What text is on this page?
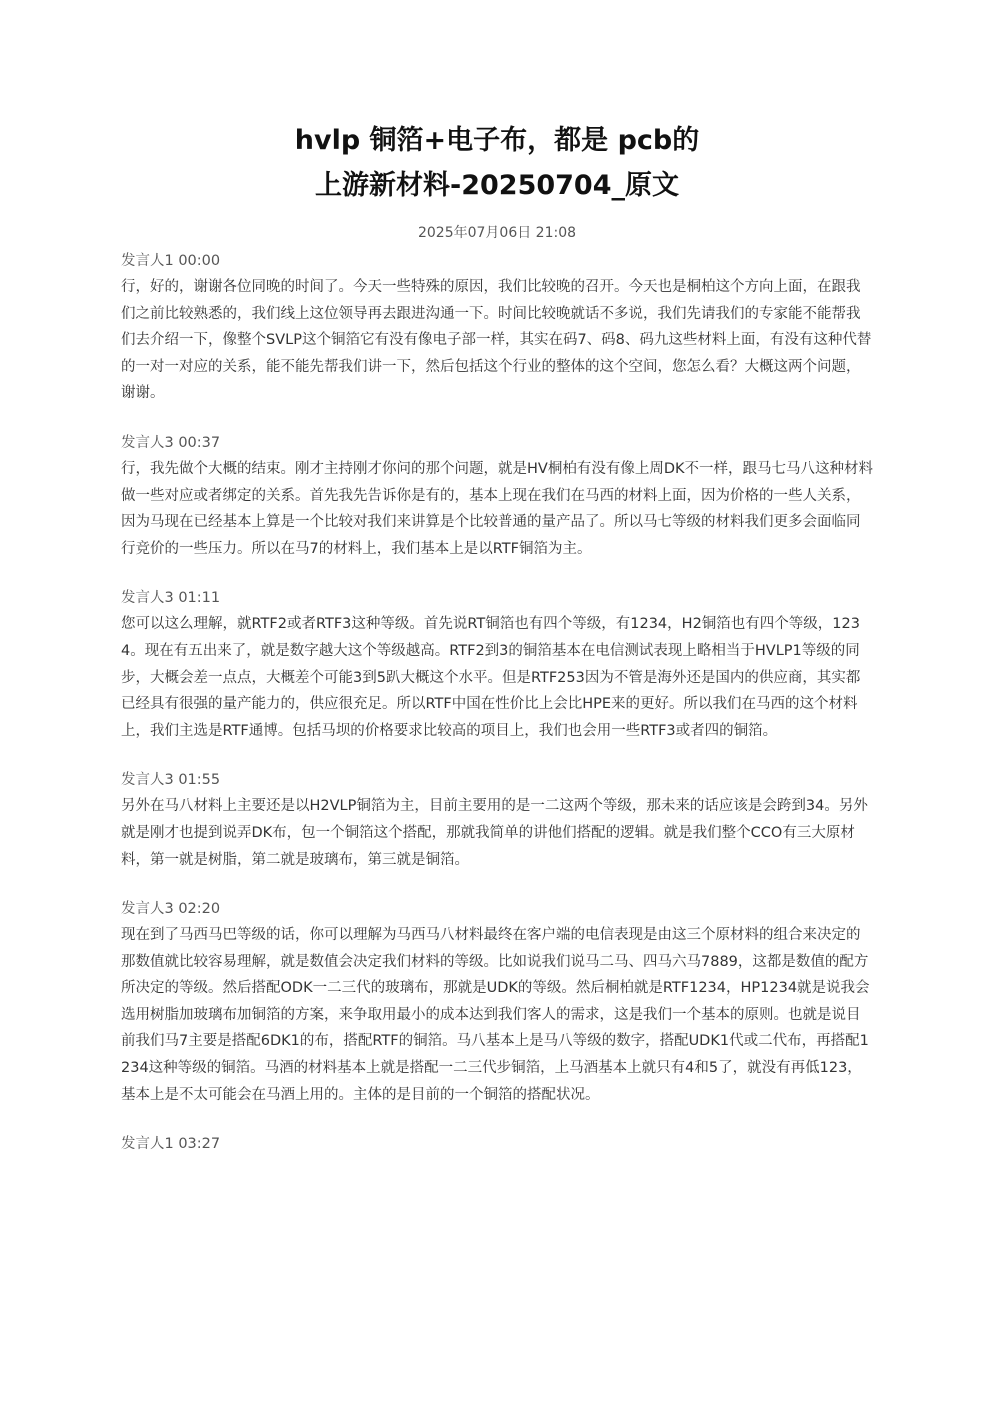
hvlp 铜箔+电子布，都是 pcb的
上游新材料-20250704_原文
2025年07月06日 21:08
发言人1 00:00

行，好的，谢谢各位同晚的时间了。今天一些特殊的原因，我们比较晚的召开。今天也是桐柏这个方向上面，在跟我们之前比较熟悉的，我们线上这位领导再去跟进沟通一下。时间比较晚就话不多说，我们先请我们的专家能不能帮我们去介绍一下，像整个SVLP这个铜箔它有没有像电子部一样，其实在码7、码8、码九这些材料上面，有没有这种代替的一对一对应的关系，能不能先帮我们讲一下，然后包括这个行业的整体的这个空间，您怎么看？大概这两个问题，谢谢。

发言人3 00:37

行，我先做个大概的结束。刚才主持刚才你问的那个问题，就是HV桐柏有没有像上周DK不一样，跟马七马八这种材料做一些对应或者绑定的关系。首先我先告诉你是有的，基本上现在我们在马西的材料上面，因为价格的一些人关系，因为马现在已经基本上算是一个比较对我们来讲算是个比较普通的量产品了。所以马七等级的材料我们更多会面临同行竞价的一些压力。所以在马7的材料上，我们基本上是以RTF铜箔为主。

发言人3 01:11

您可以这么理解，就RTF2或者RTF3这种等级。首先说RT铜箔也有四个等级，有1234，H2铜箔也有四个等级，1234。现在有五出来了，就是数字越大这个等级越高。RTF2到3的铜箔基本在电信测试表现上略相当于HVLP1等级的同步，大概会差一点点，大概差个可能3到5趴大概这个水平。但是RTF253因为不管是海外还是国内的供应商，其实都已经具有很强的量产能力的，供应很充足。所以RTF中国在性价比上会比HPE来的更好。所以我们在马西的这个材料上，我们主选是RTF通博。包括马坝的价格要求比较高的项目上，我们也会用一些RTF3或者四的铜箔。

发言人3 01:55

另外在马八材料上主要还是以H2VLP铜箔为主，目前主要用的是一二这两个等级，那未来的话应该是会跨到34。另外就是刚才也提到说弄DK布，包一个铜箔这个搭配，那就我简单的讲他们搭配的逻辑。就是我们整个CCO有三大原材料，第一就是树脂，第二就是玻璃布，第三就是铜箔。

发言人3 02:20

现在到了马西马巴等级的话，你可以理解为马西马八材料最终在客户端的电信表现是由这三个原材料的组合来决定的那数值就比较容易理解，就是数值会决定我们材料的等级。比如说我们说马二马、四马六马7889，这都是数值的配方所决定的等级。然后搭配ODK一二三代的玻璃布，那就是UDK的等级。然后桐柏就是RTF1234，HP1234就是说我会选用树脂加玻璃布加铜箔的方案，来争取用最小的成本达到我们客人的需求，这是我们一个基本的原则。也就是说目前我们马7主要是搭配6DK1的布，搭配RTF的铜箔。马八基本上是马八等级的数字，搭配UDK1代或二代布，再搭配1234这种等级的铜箔。马酒的材料基本上就是搭配一二三代步铜箔，上马酒基本上就只有4和5了，就没有再低123，基本上是不太可能会在马酒上用的。主体的是目前的一个铜箔的搭配状况。

发言人1 03:27
